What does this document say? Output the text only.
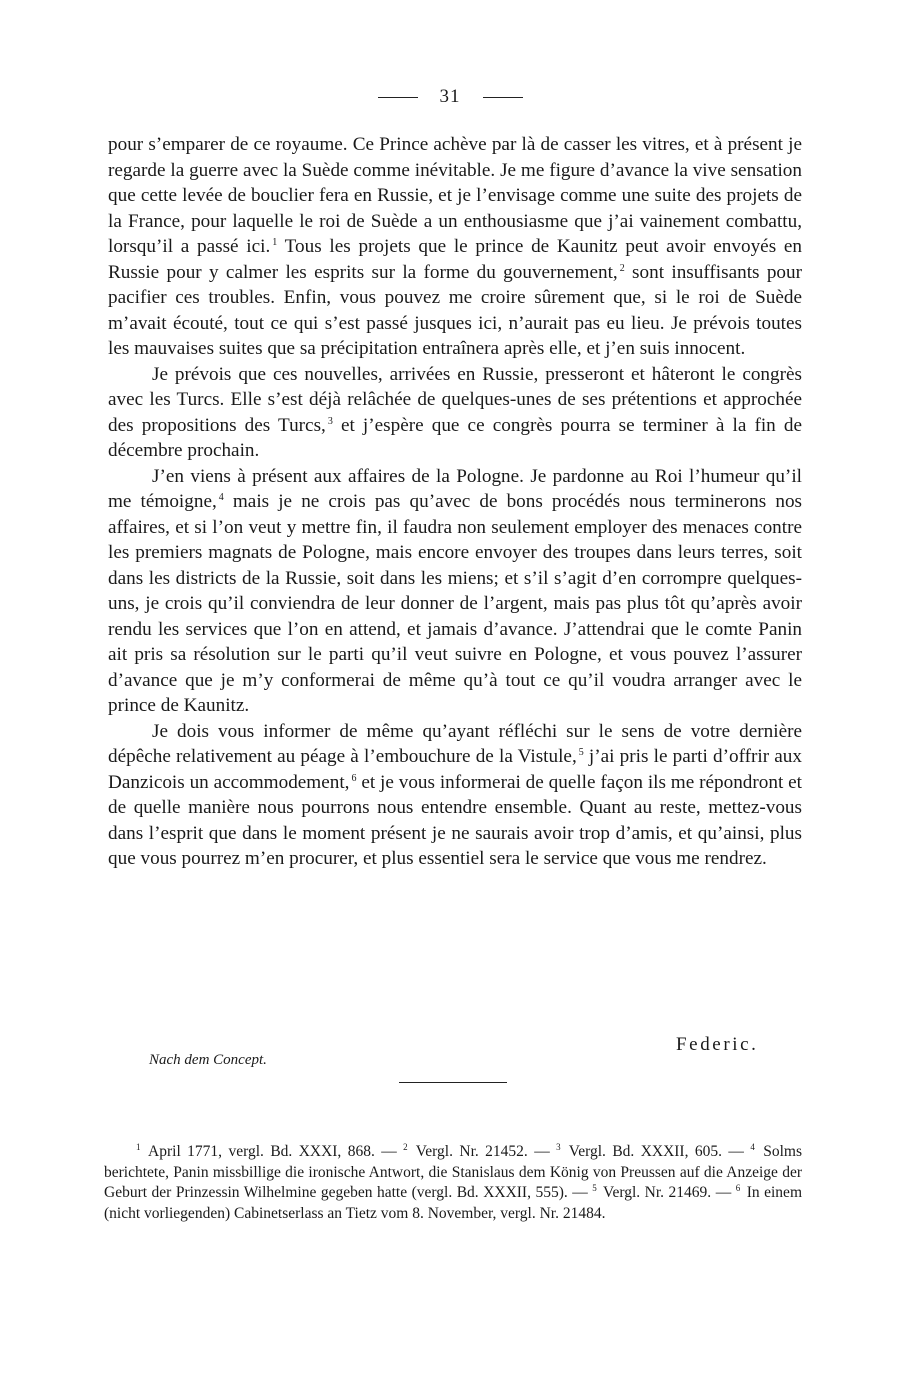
31

pour s’emparer de ce royaume. Ce Prince achève par là de casser les vitres, et à présent je regarde la guerre avec la Suède comme inévitable. Je me figure d’avance la vive sensation que cette levée de bouclier fera en Russie, et je l’envisage comme une suite des projets de la France, pour laquelle le roi de Suède a un enthousiasme que j’ai vainement combattu, lorsqu’il a passé ici. $^1$ Tous les projets que le prince de Kaunitz peut avoir envoyés en Russie pour y calmer les esprits sur la forme du gouvernement, $^2$ sont insuffisants pour pacifier ces troubles. Enfin, vous pouvez me croire sûrement que, si le roi de Suède m’avait écouté, tout ce qui s’est passé jusques ici, n’aurait pas eu lieu. Je prévois toutes les mauvaises suites que sa précipitation entraînera après elle, et j’en suis innocent.

Je prévois que ces nouvelles, arrivées en Russie, presseront et hâteront le congrès avec les Turcs. Elle s’est déjà relâchée de quelques-unes de ses prétentions et approchée des propositions des Turcs, $^3$ et j’espère que ce congrès pourra se terminer à la fin de décembre prochain.

J’en viens à présent aux affaires de la Pologne. Je pardonne au Roi l’humeur qu’il me témoigne, $^4$ mais je ne crois pas qu’avec de bons procédés nous terminerons nos affaires, et si l’on veut y mettre fin, il faudra non seulement employer des menaces contre les premiers magnats de Pologne, mais encore envoyer des troupes dans leurs terres, soit dans les districts de la Russie, soit dans les miens; et s’il s’agit d’en corrompre quelques-uns, je crois qu’il conviendra de leur donner de l’argent, mais pas plus tôt qu’après avoir rendu les services que l’on en attend, et jamais d’avance. J’attendrai que le comte Panin ait pris sa résolution sur le parti qu’il veut suivre en Pologne, et vous pouvez l’assurer d’avance que je m’y conformerai de même qu’à tout ce qu’il voudra arranger avec le prince de Kaunitz.

Je dois vous informer de même qu’ayant réfléchi sur le sens de votre dernière dépêche relativement au péage à l’embouchure de la Vistule, $^5$ j’ai pris le parti d’offrir aux Danzicois un accommodement, $^6$ et je vous informerai de quelle façon ils me répondront et de quelle manière nous pourrons nous entendre ensemble. Quant au reste, mettez-vous dans l’esprit que dans le moment présent je ne saurais avoir trop d’amis, et qu’ainsi, plus que vous pourrez m’en procurer, et plus essentiel sera le service que vous me rendrez.

Federic.
Nach dem Concept.

$^1$ April 1771, vergl. Bd. XXXI, 868. — $^2$ Vergl. Nr. 21452. — $^3$ Vergl. Bd. XXXII, 605. — $^4$ Solms berichtete, Panin missbillige die ironische Antwort, die Stanislaus dem König von Preussen auf die Anzeige der Geburt der Prinzessin Wilhelmine gegeben hatte (vergl. Bd. XXXII, 555). — $^5$ Vergl. Nr. 21469. — $^6$ In einem (nicht vorliegenden) Cabinetserlass an Tietz vom 8. November, vergl. Nr. 21484.
